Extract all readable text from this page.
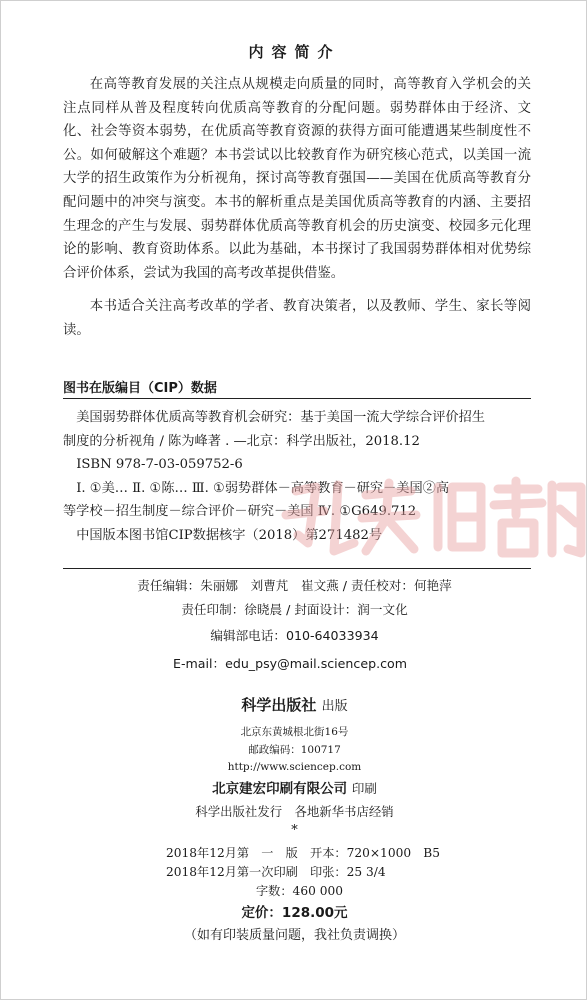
内容简介
在高等教育发展的关注点从规模走向质量的同时，高等教育入学机会的关注点同样从普及程度转向优质高等教育的分配问题。弱势群体由于经济、文化、社会等资本弱势，在优质高等教育资源的获得方面可能遭遇某些制度性不公。如何破解这个难题？本书尝试以比较教育作为研究核心范式，以美国一流大学的招生政策作为分析视角，探讨高等教育强国——美国在优质高等教育分配问题中的冲突与演变。本书的解析重点是美国优质高等教育的内涵、主要招生理念的产生与发展、弱势群体优质高等教育机会的历史演变、校园多元化理论的影响、教育资助体系。以此为基础，本书探讨了我国弱势群体相对优势综合评价体系，尝试为我国的高考改革提供借鉴。
本书适合关注高考改革的学者、教育决策者，以及教师、学生、家长等阅读。
图书在版编目（CIP）数据
美国弱势群体优质高等教育机会研究：基于美国一流大学综合评价招生
制度的分析视角 / 陈为峰著 . —北京：科学出版社，2018.12
ISBN 978-7-03-059752-6
Ⅰ. ①美… Ⅱ. ①陈… Ⅲ. ①弱势群体－高等教育－研究－美国②高
等学校－招生制度－综合评价－研究－美国 Ⅳ. ①G649.712
中国版本图书馆CIP数据核字（2018）第271482号
责任编辑：朱丽娜　刘曹芃　崔文燕 / 责任校对：何艳萍
责任印制：徐晓晨 / 封面设计：润一文化
编辑部电话：010-64033934
E-mail：edu_psy@mail.sciencep.com
科学出版社 出版
北京东黄城根北街16号
邮政编码：100717
http://www.sciencep.com
北京建宏印刷有限公司 印刷
科学出版社发行　各地新华书店经销
*
2018年12月第　一　版　开本：720×1000　B5
2018年12月第一次印刷　印张：25 3/4
字数：460 000
定价：128.00元
（如有印装质量问题，我社负责调换）
